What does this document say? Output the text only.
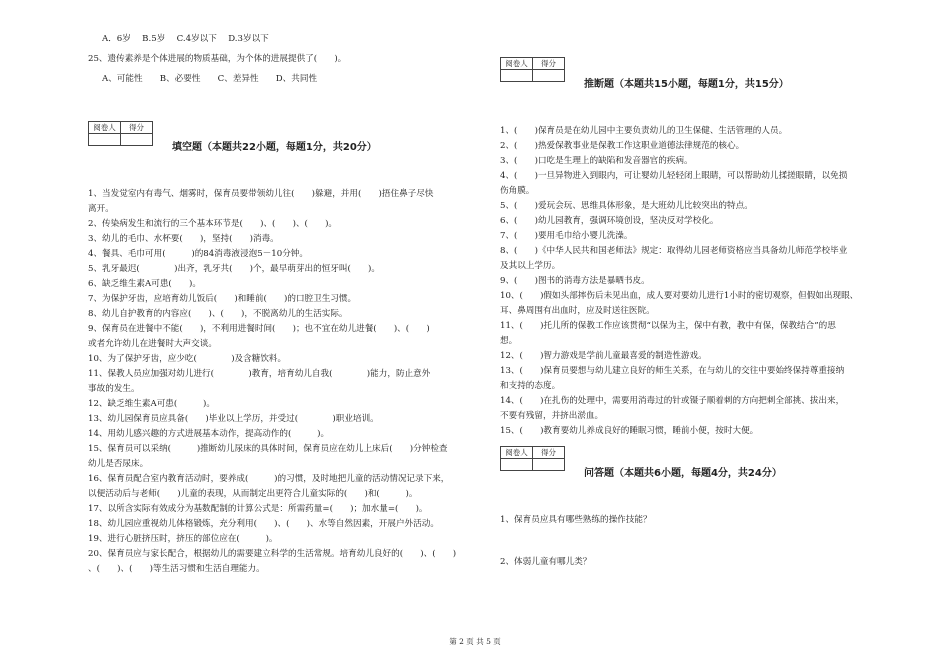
A．6岁　 B.5岁　 C.4岁以下　 D.3岁以下
25、遗传素养是个体进展的物质基础，为个体的进展提供了(　　)。
A、可能性　　B、必要性　　C、差异性　　D、共同性
阅卷人	得分

填空题（本题共22小题，每题1分，共20分）
1、当发觉室内有毒气、烟雾时，保育员要带领幼儿往(　　)躲避，并用(　　)捂住鼻子尽快
离开。
2、传染病发生和流行的三个基本环节是(　　)、(　　)、(　　)。
3、幼儿的毛巾、水杯要(　　)，坚持(　　)消毒。
4、餐具、毛巾可用(　　　)的84消毒液浸泡5－10分钟。
5、乳牙最迟(　　　　)出齐，乳牙共(　　)个，最早萌芽出的恒牙叫(　　)。
6、缺乏维生素A可患(　　)。
7、为保护牙齿，应培育幼儿饭后(　　)和睡前(　　)的口腔卫生习惯。
8、幼儿自护教育的内容应(　　)、(　　)，不脱离幼儿的生活实际。
9、保育员在进餐中不能(　　)，不利用进餐时间(　　)；也不宜在幼儿进餐(　　)、(　　)
或者允许幼儿在进餐时大声交谈。
10、为了保护牙齿，应少吃(　　　　)及含糖饮料。
11、保教人员应加强对幼儿进行(　　　　)教育，培育幼儿自我(　　　　)能力，防止意外
事故的发生。
12、缺乏维生素A可患(　　　)。
13、幼儿园保育员应具备(　　)毕业以上学历，并受过(　　　　)职业培训。
14、用幼儿感兴趣的方式进展基本动作，提高动作的(　　　)。
15、保育员可以采纳(　　　)推断幼儿尿床的具体时间，保育员应在幼儿上床后(　　)分钟检查
幼儿是否尿床。
16、保育员配合室内教育活动时，要养成(　　　)的习惯，及时地把儿童的活动情况记录下来，
以便活动后与老师(　　)儿童的表现，从而制定出更符合儿童实际的(　　)和(　　　)。
17、以所含实际有效成分为基数配制的计算公式是：所需药量=(　　)；加水量=(　　)。
18、幼儿园应重视幼儿体格锻炼，充分利用(　　)、(　　)、水等自然因素，开展户外活动。
19、进行心脏挤压时，挤压的部位应在(　　　)。
20、保育员应与家长配合，根据幼儿的需要建立科学的生活常规。培育幼儿良好的(　　)、(　　)
、(　　)、(　　)等生活习惯和生活自理能力。
阅卷人	得分

推断题（本题共15小题，每题1分，共15分）
1、(　　)保育员是在幼儿园中主要负责幼儿的卫生保健、生活管理的人员。
2、(　　)热爱保教事业是保教工作这职业道德法律规范的核心。
3、(　　)口吃是生理上的缺陷和发音器官的疾病。
4、(　　)一旦异物进入到眼内，可让婴幼儿轻轻闭上眼睛，可以帮助幼儿揉搓眼睛，以免损
伤角膜。
5、(　　)爱玩会玩、思维具体形象，是大班幼儿比较突出的特点。
6、(　　)幼儿园教育，强调环境创设，坚决反对学校化。
7、(　　)要用毛巾给小婴儿洗澡。
8、(　　)《中华人民共和国老师法》规定：取得幼儿园老师资格应当具备幼儿师范学校毕业
及其以上学历。
9、(　　)图书的消毒方法是暴晒书皮。
10、(　　)假如头部摔伤后未见出血，成人要对要幼儿进行1小时的密切观察，但假如出现眼、
耳、鼻周围有出血时，应及时送往医院。
11、(　　)托儿所的保教工作应该贯彻“以保为主，保中有教，教中有保，保教结合”的思
想。
12、(　　)智力游戏是学前儿童最喜爱的制造性游戏。
13、(　　)保育员要想与幼儿建立良好的师生关系，在与幼儿的交往中要始终保持尊重接纳
和支持的态度。
14、(　　)在扎伤的处理中，需要用消毒过的针或镊子顺着刺的方向把刺全部挑、拔出来，
不要有残留，并挤出淤血。
15、(　　)教育要幼儿养成良好的睡眠习惯，睡前小便，按时大便。
阅卷人	得分

问答题（本题共6小题，每题4分，共24分）
1、保育员应具有哪些熟练的操作技能？
2、体弱儿童有哪儿类？
第 2 页 共 5 页
